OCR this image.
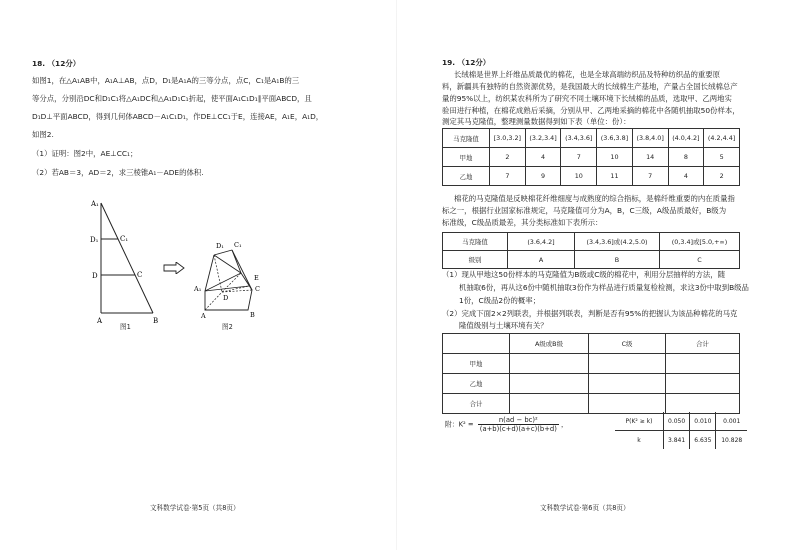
18. （12分）
如图1，在△A₁AB中，A₁A⊥AB，点D，D₁是A₁A的三等分点，点C，C₁是A₁B的三
等分点，分别沿DC和D₁C₁将△A₁DC和△A₁D₁C₁折起，使平面A₁C₁D₁∥平面ABCD，且
D₁D⊥平面ABCD，得到几何体ABCD－A₁C₁D₁，作DE⊥CC₁于E，连接AE，A₁E，A₁D，
如图2.
（1）证明：图2中，AE⊥CC₁；
（2）若AB＝3，AD＝2，求三棱锥A₁－ADE的体积.
A₁
D₁	C₁
D	C
A	B
图1
D₁ C₁
A₁
E
C
D
A	B
图2
文科数学试卷·第5页（共8页）
19. （12分）
长绒棉是世界上纤维品质最优的棉花，也是全球高端纺织品及特种纺织品的重要原
料，新疆具有独特的自然资源优势，是我国最大的长绒棉生产基地，产量占全国长绒棉总产
量的95%以上，纺织某农科所为了研究不同土壤环境下长绒棉的品质，选取甲、乙两地实
验田进行种植，在棉花成熟后采摘，分别从甲、乙两地采摘的棉花中各随机抽取50份样本，
测定其马克隆值，整理测量数据得到如下表（单位：份）：
马克隆值	[3.0,3.2]	(3.2,3.4]	(3.4,3.6]	(3.6,3.8]	(3.8,4.0]	(4.0,4.2]	(4.2,4.4]
甲地	2	4	7	10	14	8	5
乙地	7	9	10	11	7	4	2
棉花的马克隆值是反映棉花纤维细度与成熟度的综合指标，是棉纤维重要的内在质量指
标之一，根据行业国家标准规定，马克隆值可分为A，B，C三级，A级品质最好，B级为
标准级，C级品质最差，其分类标准如下表所示：
马克隆值	(3.6,4.2]	(3.4,3.6]或(4.2,5.0)	(0,3.4]或[5.0,+∞)
级别	A	B	C
（1）现从甲地这50份样本的马克隆值为B级或C级的棉花中，利用分层抽样的方法，随
机抽取6份，再从这6份中随机抽取3份作为样品进行质量复检检测，求这3份中取到B级品
1份，C级品2份的概率；
（2）完成下面2×2列联表，并根据列联表，判断是否有95%的把握认为该品种棉花的马克
隆值级别与土壤环境有关？
	A级或B级	C级	合计
甲地			
乙地			
合计			
附：$K^2 = \frac{\text{n(ad − bc)²}}{(a+b)(c+d)(a+c)(b+d)}$ ，	P(K² ≥ k)	0.050	0.010	0.001
k	3.841	6.635	10.828
文科数学试卷·第6页（共8页）
